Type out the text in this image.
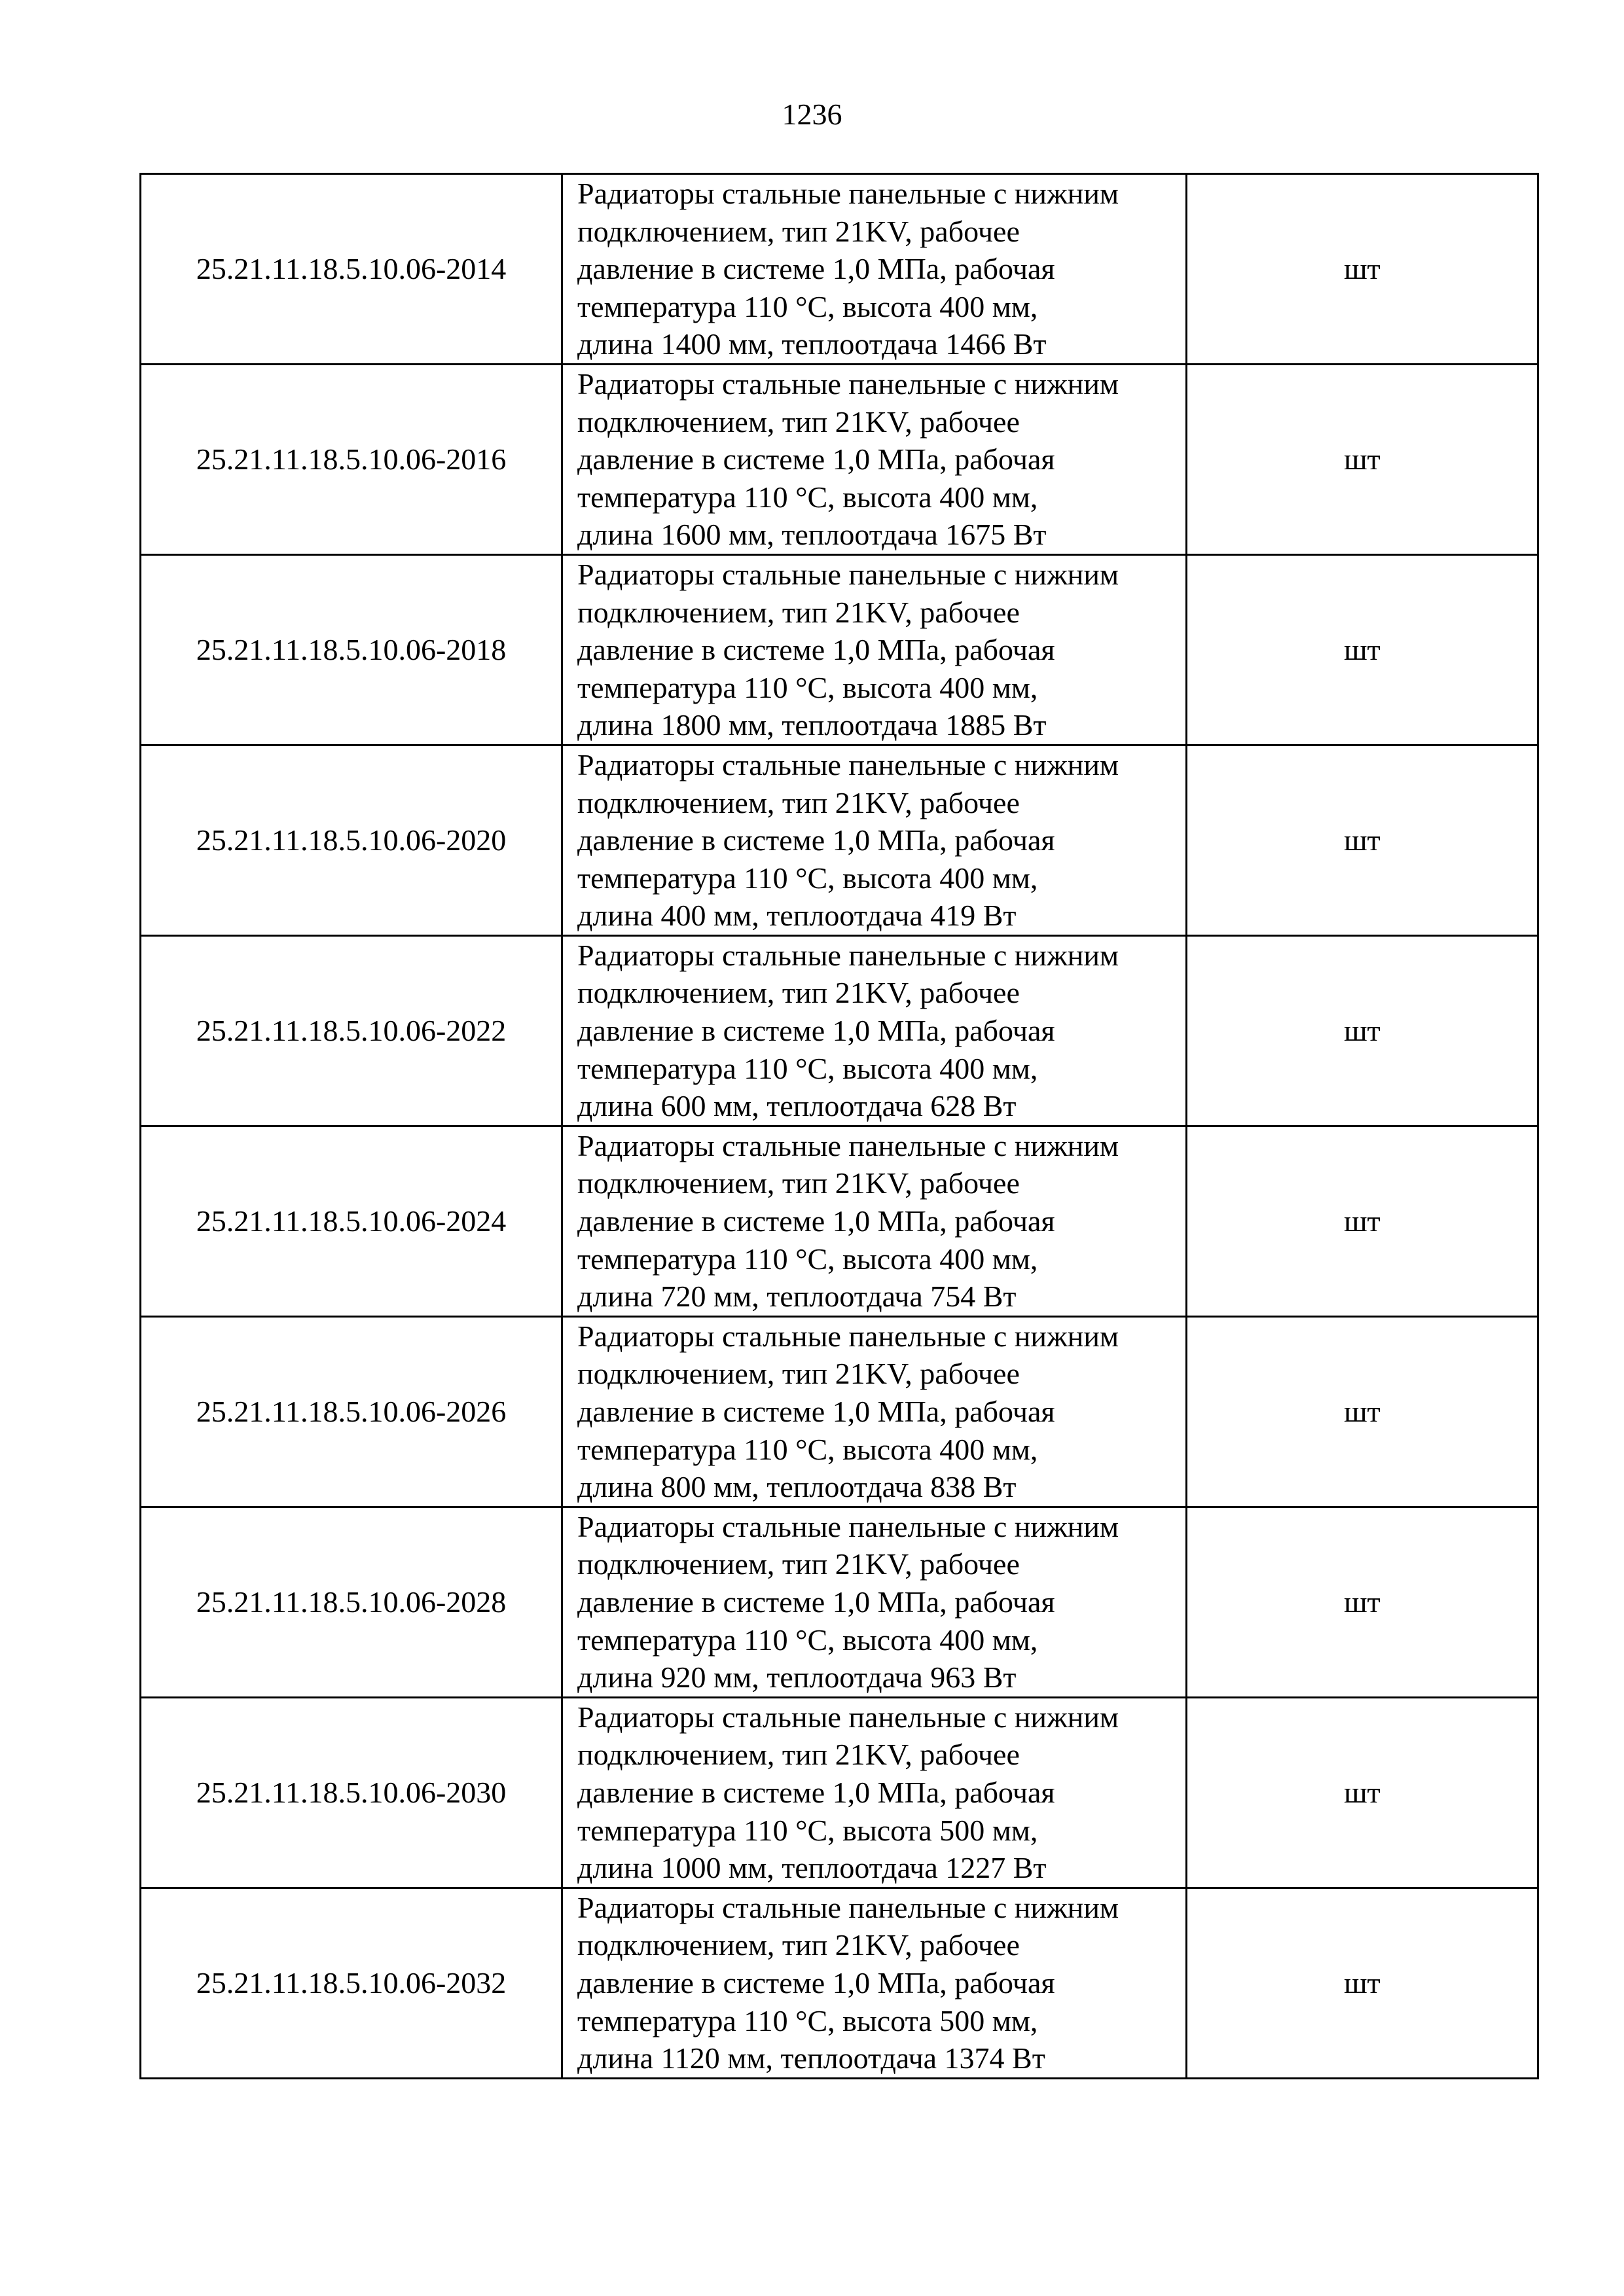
1236
25.21.11.18.5.10.06-2014	Радиаторы стальные панельные с нижним
подключением, тип 21KV, рабочее
давление в системе 1,0 МПа, рабочая
температура 110 °C, высота 400 мм,
длина 1400 мм, теплоотдача 1466 Вт	шт
25.21.11.18.5.10.06-2016	Радиаторы стальные панельные с нижним
подключением, тип 21KV, рабочее
давление в системе 1,0 МПа, рабочая
температура 110 °C, высота 400 мм,
длина 1600 мм, теплоотдача 1675 Вт	шт
25.21.11.18.5.10.06-2018	Радиаторы стальные панельные с нижним
подключением, тип 21KV, рабочее
давление в системе 1,0 МПа, рабочая
температура 110 °C, высота 400 мм,
длина 1800 мм, теплоотдача 1885 Вт	шт
25.21.11.18.5.10.06-2020	Радиаторы стальные панельные с нижним
подключением, тип 21KV, рабочее
давление в системе 1,0 МПа, рабочая
температура 110 °C, высота 400 мм,
длина 400 мм, теплоотдача 419 Вт	шт
25.21.11.18.5.10.06-2022	Радиаторы стальные панельные с нижним
подключением, тип 21KV, рабочее
давление в системе 1,0 МПа, рабочая
температура 110 °C, высота 400 мм,
длина 600 мм, теплоотдача 628 Вт	шт
25.21.11.18.5.10.06-2024	Радиаторы стальные панельные с нижним
подключением, тип 21KV, рабочее
давление в системе 1,0 МПа, рабочая
температура 110 °C, высота 400 мм,
длина 720 мм, теплоотдача 754 Вт	шт
25.21.11.18.5.10.06-2026	Радиаторы стальные панельные с нижним
подключением, тип 21KV, рабочее
давление в системе 1,0 МПа, рабочая
температура 110 °C, высота 400 мм,
длина 800 мм, теплоотдача 838 Вт	шт
25.21.11.18.5.10.06-2028	Радиаторы стальные панельные с нижним
подключением, тип 21KV, рабочее
давление в системе 1,0 МПа, рабочая
температура 110 °C, высота 400 мм,
длина 920 мм, теплоотдача 963 Вт	шт
25.21.11.18.5.10.06-2030	Радиаторы стальные панельные с нижним
подключением, тип 21KV, рабочее
давление в системе 1,0 МПа, рабочая
температура 110 °C, высота 500 мм,
длина 1000 мм, теплоотдача 1227 Вт	шт
25.21.11.18.5.10.06-2032	Радиаторы стальные панельные с нижним
подключением, тип 21KV, рабочее
давление в системе 1,0 МПа, рабочая
температура 110 °C, высота 500 мм,
длина 1120 мм, теплоотдача 1374 Вт	шт
